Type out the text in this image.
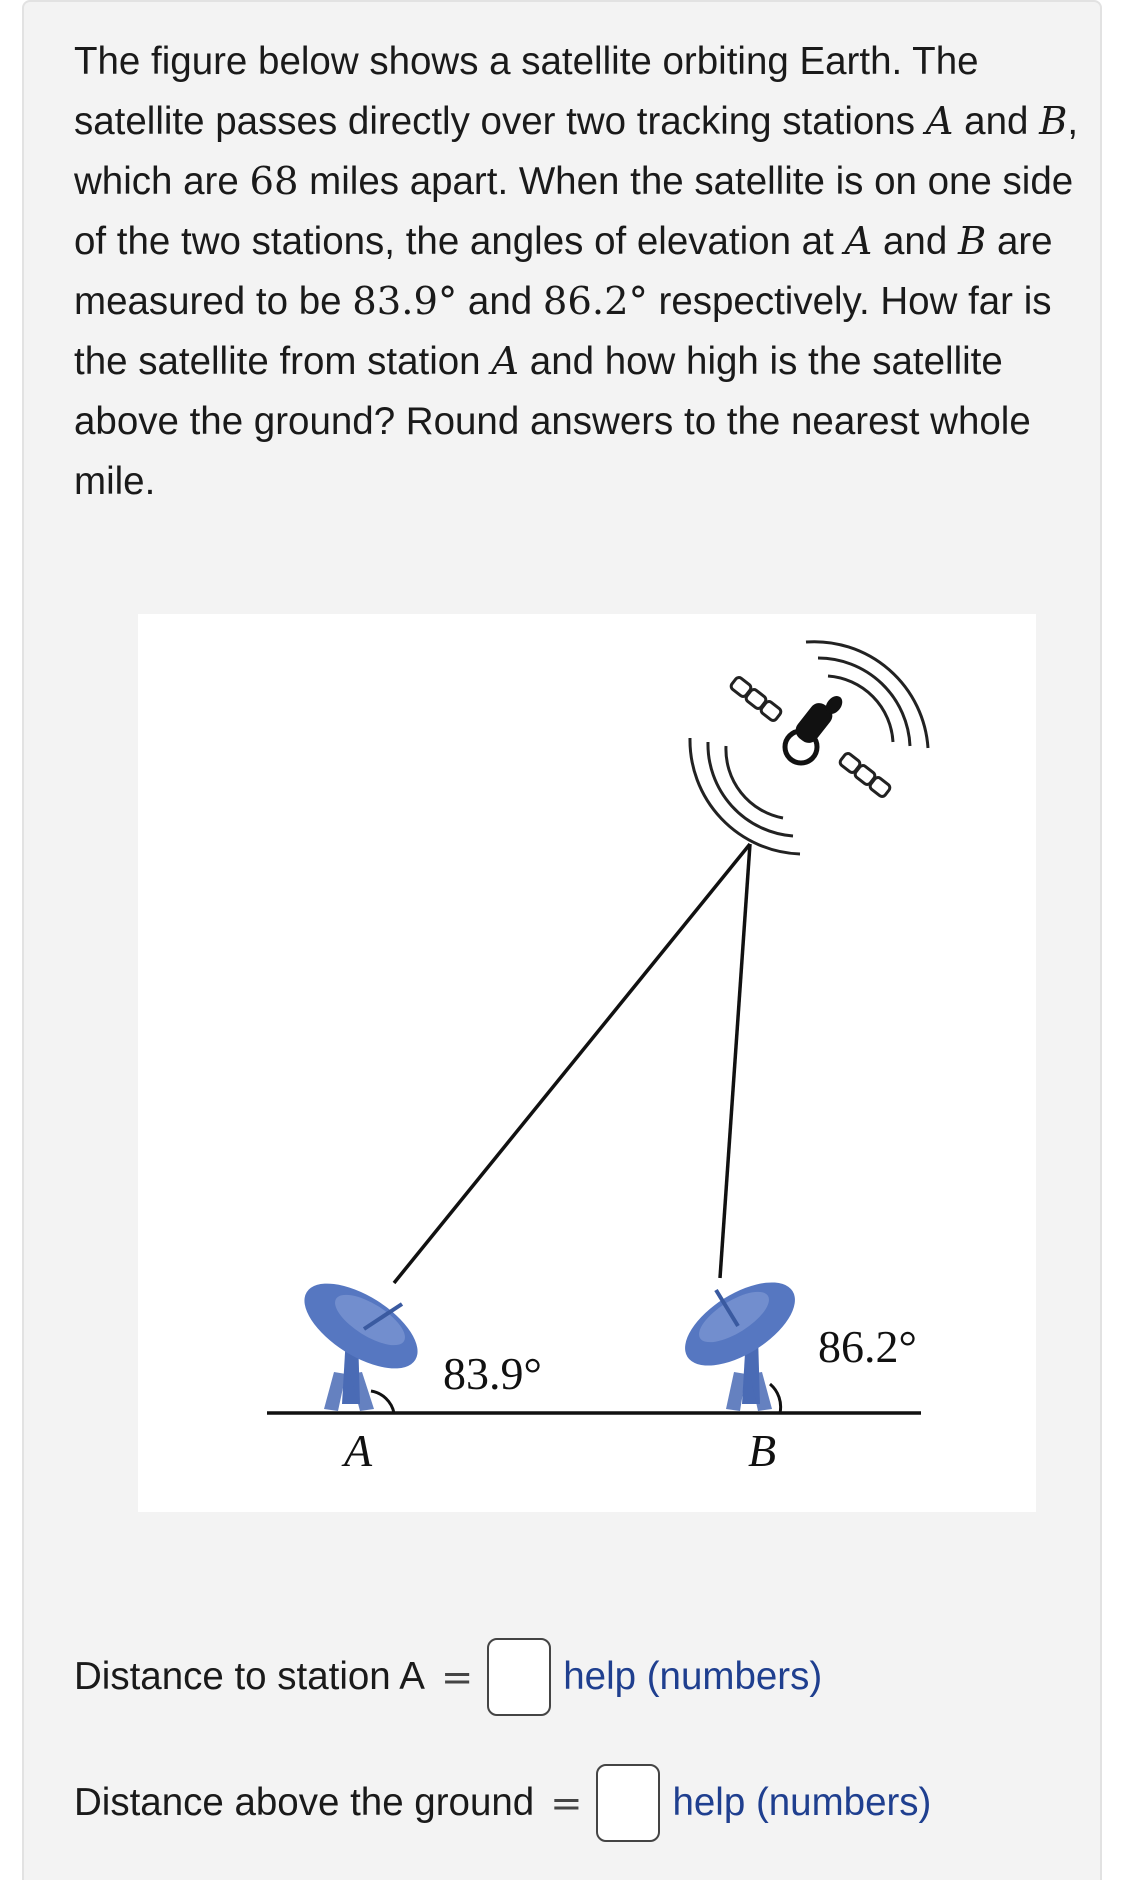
The figure below shows a satellite orbiting Earth. The satellite passes directly over two tracking stations A and B, which are 68 miles apart. When the satellite is on one side of the two stations, the angles of elevation at A and B are measured to be 83.9° and 86.2° respectively. How far is the satellite from station A and how high is the satellite above the ground? Round answers to the nearest whole mile.

83.9°
86.2°
A	B
Distance to station A = help (numbers)
Distance above the ground = help (numbers)
